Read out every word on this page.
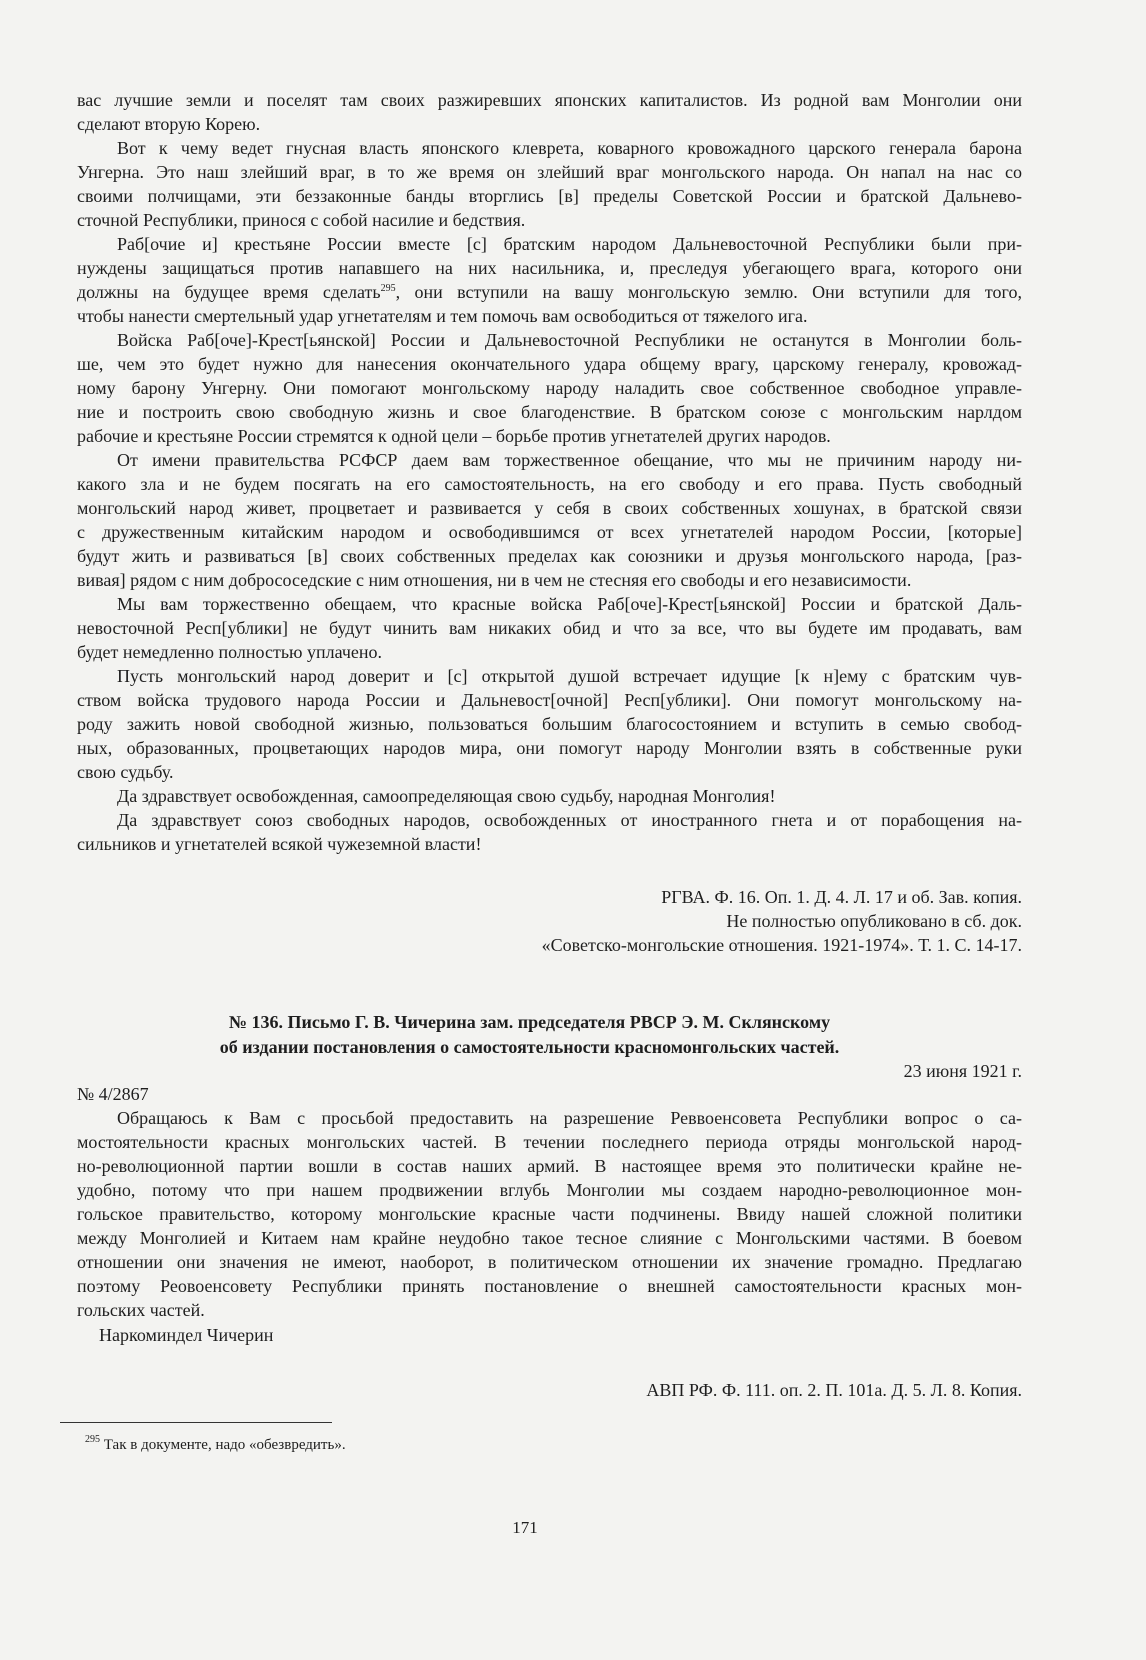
вас лучшие земли и поселят там своих разжиревших японских капиталистов. Из родной вам Монголии они
сделают вторую Корею.
Вот к чему ведет гнусная власть японского клеврета, коварного кровожадного царского генерала барона
Унгерна. Это наш злейший враг, в то же время он злейший враг монгольского народа. Он напал на нас со
своими полчищами, эти беззаконные банды вторглись [в] пределы Советской России и братской Дальнево-
сточной Республики, принося с собой насилие и бедствия.
Раб[очие и] крестьяне России вместе [с] братским народом Дальневосточной Республики были при-
нуждены защищаться против напавшего на них насильника, и, преследуя убегающего врага, которого они
должны на будущее время сделать$^{295}$, они вступили на вашу монгольскую землю. Они вступили для того,
чтобы нанести смертельный удар угнетателям и тем помочь вам освободиться от тяжелого ига.
Войска Раб[оче]-Крест[ьянской] России и Дальневосточной Республики не останутся в Монголии боль-
ше, чем это будет нужно для нанесения окончательного удара общему врагу, царскому генералу, кровожад-
ному барону Унгерну. Они помогают монгольскому народу наладить свое собственное свободное управле-
ние и построить свою свободную жизнь и свое благоденствие. В братском союзе с монгольским нарлдом
рабочие и крестьяне России стремятся к одной цели – борьбе против угнетателей других народов.
От имени правительства РСФСР даем вам торжественное обещание, что мы не причиним народу ни-
какого зла и не будем посягать на его самостоятельность, на его свободу и его права. Пусть свободный
монгольский народ живет, процветает и развивается у себя в своих собственных хошунах, в братской связи
с дружественным китайским народом и освободившимся от всех угнетателей народом России, [которые]
будут жить и развиваться [в] своих собственных пределах как союзники и друзья монгольского народа, [раз-
вивая] рядом с ним добрососедские с ним отношения, ни в чем не стесняя его свободы и его независимости.
Мы вам торжественно обещаем, что красные войска Раб[оче]-Крест[ьянской] России и братской Даль-
невосточной Респ[ублики] не будут чинить вам никаких обид и что за все, что вы будете им продавать, вам
будет немедленно полностью уплачено.
Пусть монгольский народ доверит и [с] открытой душой встречает идущие [к н]ему с братским чув-
ством войска трудового народа России и Дальневост[очной] Респ[ублики]. Они помогут монгольскому на-
роду зажить новой свободной жизнью, пользоваться большим благосостоянием и вступить в семью свобод-
ных, образованных, процветающих народов мира, они помогут народу Монголии взять в собственные руки
свою судьбу.
Да здравствует освобожденная, самоопределяющая свою судьбу, народная Монголия!
Да здравствует союз свободных народов, освобожденных от иностранного гнета и от порабощения на-
сильников и угнетателей всякой чужеземной власти!
РГВА. Ф. 16. Оп. 1. Д. 4. Л. 17 и об. Зав. копия.
Не полностью опубликовано в сб. док.
«Советско-монгольские отношения. 1921-1974». Т. 1. С. 14-17.
№ 136. Письмо Г. В. Чичерина зам. председателя РВСР Э. М. Склянскому
об издании постановления о самостоятельности красномонгольских частей.
23 июня 1921 г.
№ 4/2867
Обращаюсь к Вам с просьбой предоставить на разрешение Реввоенсовета Республики вопрос о са-
мостоятельности красных монгольских частей. В течении последнего периода отряды монгольской народ-
но-революционной партии вошли в состав наших армий. В настоящее время это политически крайне не-
удобно, потому что при нашем продвижении вглубь Монголии мы создаем народно-революционное мон-
гольское правительство, которому монгольские красные части подчинены. Ввиду нашей сложной политики
между Монголией и Китаем нам крайне неудобно такое тесное слияние с Монгольскими частями. В боевом
отношении они значения не имеют, наоборот, в политическом отношении их значение громадно. Предлагаю
поэтому Реовоенсовету Республики принять постановление о внешней самостоятельности красных мон-
гольских частей.
Наркоминдел Чичерин
АВП РФ. Ф. 111. оп. 2. П. 101а. Д. 5. Л. 8. Копия.
$^{295}$ Так в документе, надо «обезвредить».
171
